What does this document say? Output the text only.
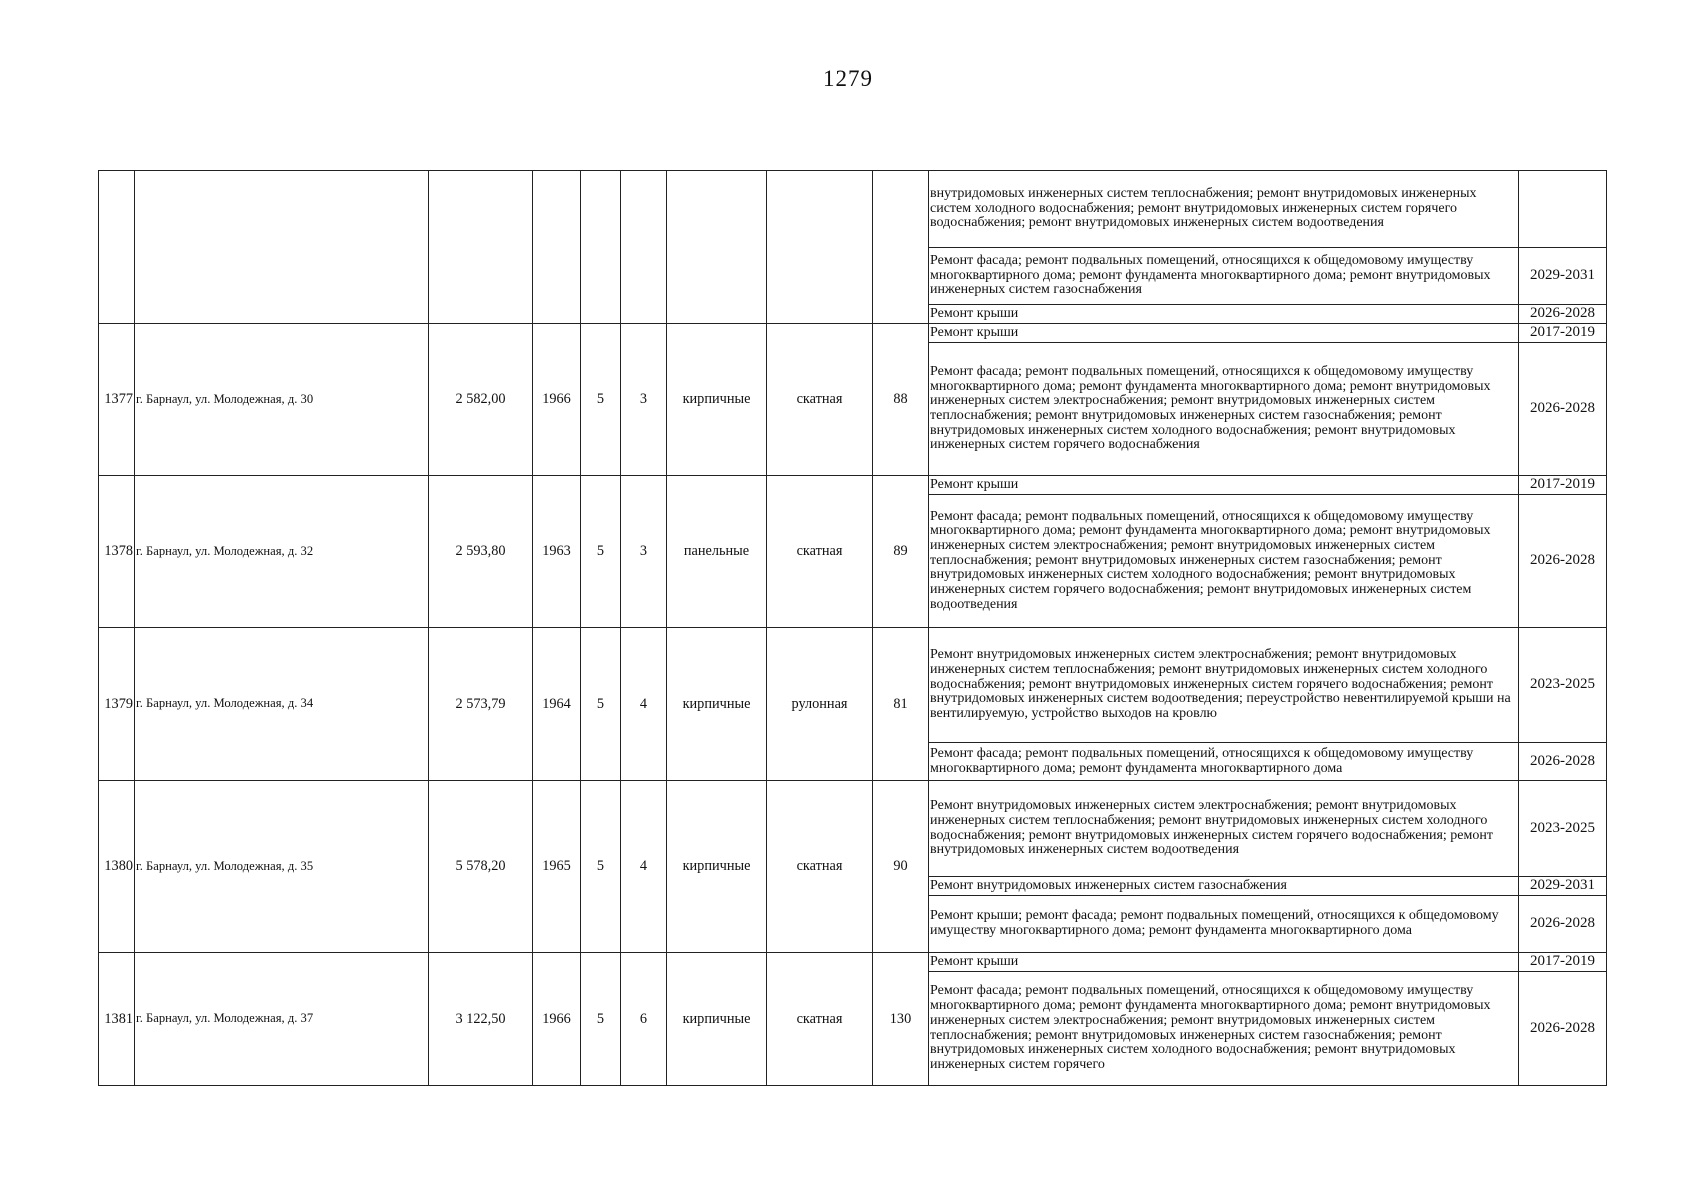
1279
									внутридомовых инженерных систем теплоснабжения; ремонт внутридомовых инженерных систем холодного водоснабжения; ремонт внутридомовых инженерных систем горячего водоснабжения; ремонт внутридомовых инженерных систем водоотведения	
									Ремонт фасада; ремонт подвальных помещений, относящихся к общедомовому имуществу многоквартирного дома; ремонт фундамента многоквартирного дома; ремонт внутридомовых инженерных систем газоснабжения	2029-2031
									Ремонт крыши	2026-2028
1377	г. Барнаул, ул. Молодежная, д. 30	2 582,00	1966	5	3	кирпичные	скатная	88	Ремонт крыши	2017-2019
									Ремонт фасада; ремонт подвальных помещений, относящихся к общедомовому имуществу многоквартирного дома; ремонт фундамента многоквартирного дома; ремонт внутридомовых инженерных систем электроснабжения; ремонт внутридомовых инженерных систем теплоснабжения; ремонт внутридомовых инженерных систем газоснабжения; ремонт внутридомовых инженерных систем холодного водоснабжения; ремонт внутридомовых инженерных систем горячего водоснабжения	2026-2028
1378	г. Барнаул, ул. Молодежная, д. 32	2 593,80	1963	5	3	панельные	скатная	89	Ремонт крыши	2017-2019
									Ремонт фасада; ремонт подвальных помещений, относящихся к общедомовому имуществу многоквартирного дома; ремонт фундамента многоквартирного дома; ремонт внутридомовых инженерных систем электроснабжения; ремонт внутридомовых инженерных систем теплоснабжения; ремонт внутридомовых инженерных систем газоснабжения; ремонт внутридомовых инженерных систем холодного водоснабжения; ремонт внутридомовых инженерных систем горячего водоснабжения; ремонт внутридомовых инженерных систем водоотведения	2026-2028
1379	г. Барнаул, ул. Молодежная, д. 34	2 573,79	1964	5	4	кирпичные	рулонная	81	Ремонт внутридомовых инженерных систем электроснабжения; ремонт внутридомовых инженерных систем теплоснабжения; ремонт внутридомовых инженерных систем холодного водоснабжения; ремонт внутридомовых инженерных систем горячего водоснабжения; ремонт внутридомовых инженерных систем водоотведения; переустройство невентилируемой крыши на вентилируемую, устройство выходов на кровлю	2023-2025
									Ремонт фасада; ремонт подвальных помещений, относящихся к общедомовому имуществу многоквартирного дома; ремонт фундамента многоквартирного дома	2026-2028
1380	г. Барнаул, ул. Молодежная, д. 35	5 578,20	1965	5	4	кирпичные	скатная	90	Ремонт внутридомовых инженерных систем электроснабжения; ремонт внутридомовых инженерных систем теплоснабжения; ремонт внутридомовых инженерных систем холодного водоснабжения; ремонт внутридомовых инженерных систем горячего водоснабжения; ремонт внутридомовых инженерных систем водоотведения	2023-2025
									Ремонт внутридомовых инженерных систем газоснабжения	2029-2031
									Ремонт крыши; ремонт фасада; ремонт подвальных помещений, относящихся к общедомовому имуществу многоквартирного дома; ремонт фундамента многоквартирного дома	2026-2028
1381	г. Барнаул, ул. Молодежная, д. 37	3 122,50	1966	5	6	кирпичные	скатная	130	Ремонт крыши	2017-2019
									Ремонт фасада; ремонт подвальных помещений, относящихся к общедомовому имуществу многоквартирного дома; ремонт фундамента многоквартирного дома; ремонт внутридомовых инженерных систем электроснабжения; ремонт внутридомовых инженерных систем теплоснабжения; ремонт внутридомовых инженерных систем газоснабжения; ремонт внутридомовых инженерных систем холодного водоснабжения; ремонт внутридомовых инженерных систем горячего	2026-2028
